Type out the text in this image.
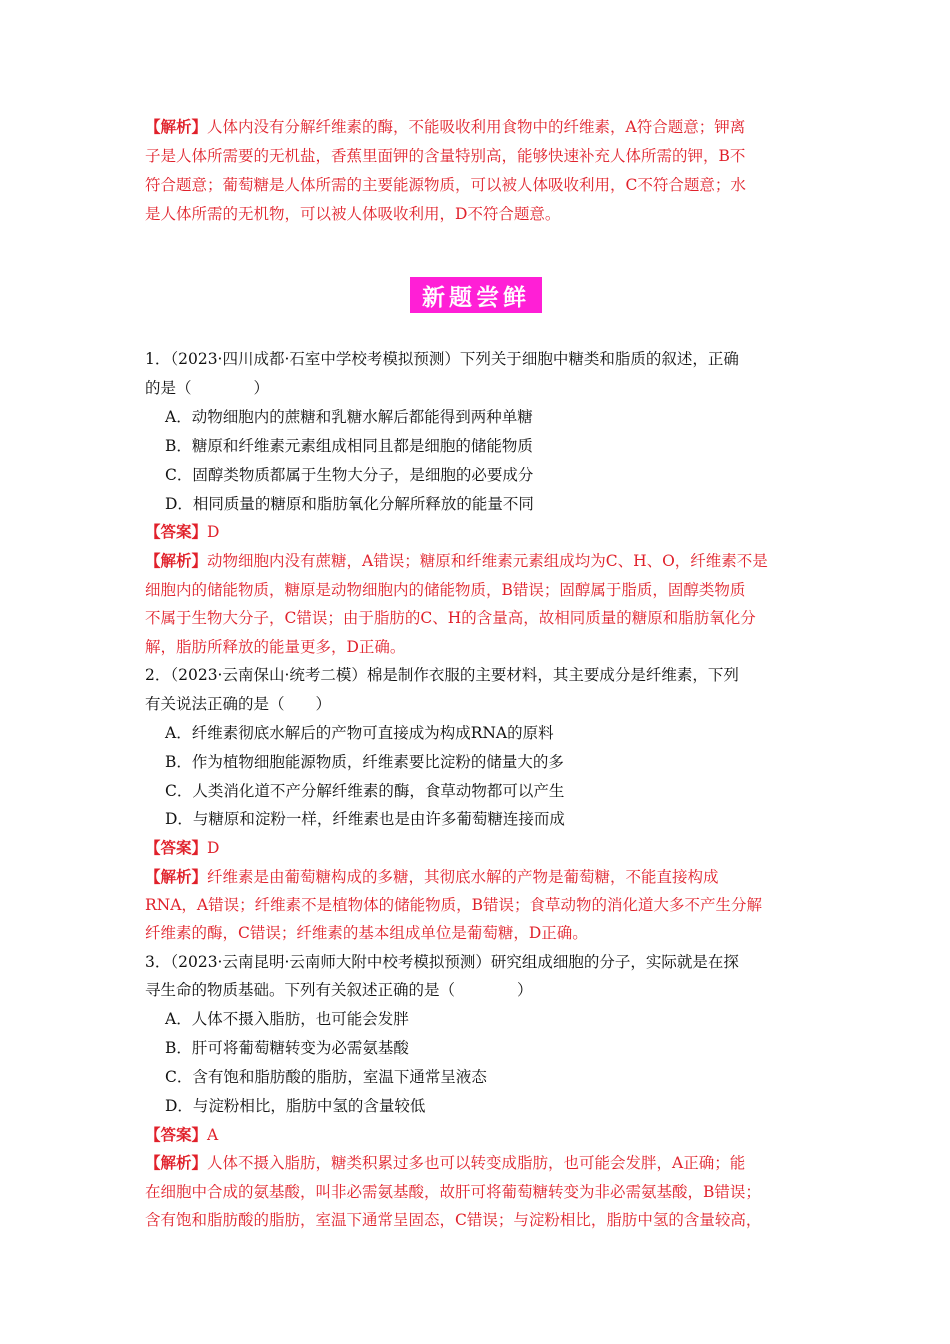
【解析】人体内没有分解纤维素的酶，不能吸收利用食物中的纤维素，A符合题意；钾离
子是人体所需要的无机盐，香蕉里面钾的含量特别高，能够快速补充人体所需的钾，B不
符合题意；葡萄糖是人体所需的主要能源物质，可以被人体吸收利用，C不符合题意；水
是人体所需的无机物，可以被人体吸收利用，D不符合题意。
新题尝鲜
1．（2023·四川成都·石室中学校考模拟预测）下列关于细胞中糖类和脂质的叙述，正确
的是（　　　　）
A．动物细胞内的蔗糖和乳糖水解后都能得到两种单糖
B．糖原和纤维素元素组成相同且都是细胞的储能物质
C．固醇类物质都属于生物大分子，是细胞的必要成分
D．相同质量的糖原和脂肪氧化分解所释放的能量不同
【答案】D
【解析】动物细胞内没有蔗糖，A错误；糖原和纤维素元素组成均为C、H、O，纤维素不是
细胞内的储能物质，糖原是动物细胞内的储能物质，B错误；固醇属于脂质，固醇类物质
不属于生物大分子，C错误；由于脂肪的C、H的含量高，故相同质量的糖原和脂肪氧化分
解，脂肪所释放的能量更多，D正确。
2．（2023·云南保山·统考二模）棉是制作衣服的主要材料，其主要成分是纤维素，下列
有关说法正确的是（　　）
A．纤维素彻底水解后的产物可直接成为构成RNA的原料
B．作为植物细胞能源物质，纤维素要比淀粉的储量大的多
C．人类消化道不产分解纤维素的酶，食草动物都可以产生
D．与糖原和淀粉一样，纤维素也是由许多葡萄糖连接而成
【答案】D
【解析】纤维素是由葡萄糖构成的多糖，其彻底水解的产物是葡萄糖，不能直接构成
RNA，A错误；纤维素不是植物体的储能物质，B错误；食草动物的消化道大多不产生分解
纤维素的酶，C错误；纤维素的基本组成单位是葡萄糖，D正确。
3．（2023·云南昆明·云南师大附中校考模拟预测）研究组成细胞的分子，实际就是在探
寻生命的物质基础。下列有关叙述正确的是（　　　　）
A．人体不摄入脂肪，也可能会发胖
B．肝可将葡萄糖转变为必需氨基酸
C．含有饱和脂肪酸的脂肪，室温下通常呈液态
D．与淀粉相比，脂肪中氢的含量较低
【答案】A
【解析】人体不摄入脂肪，糖类积累过多也可以转变成脂肪，也可能会发胖，A正确；能
在细胞中合成的氨基酸，叫非必需氨基酸，故肝可将葡萄糖转变为非必需氨基酸，B错误；
含有饱和脂肪酸的脂肪，室温下通常呈固态，C错误；与淀粉相比，脂肪中氢的含量较高，
